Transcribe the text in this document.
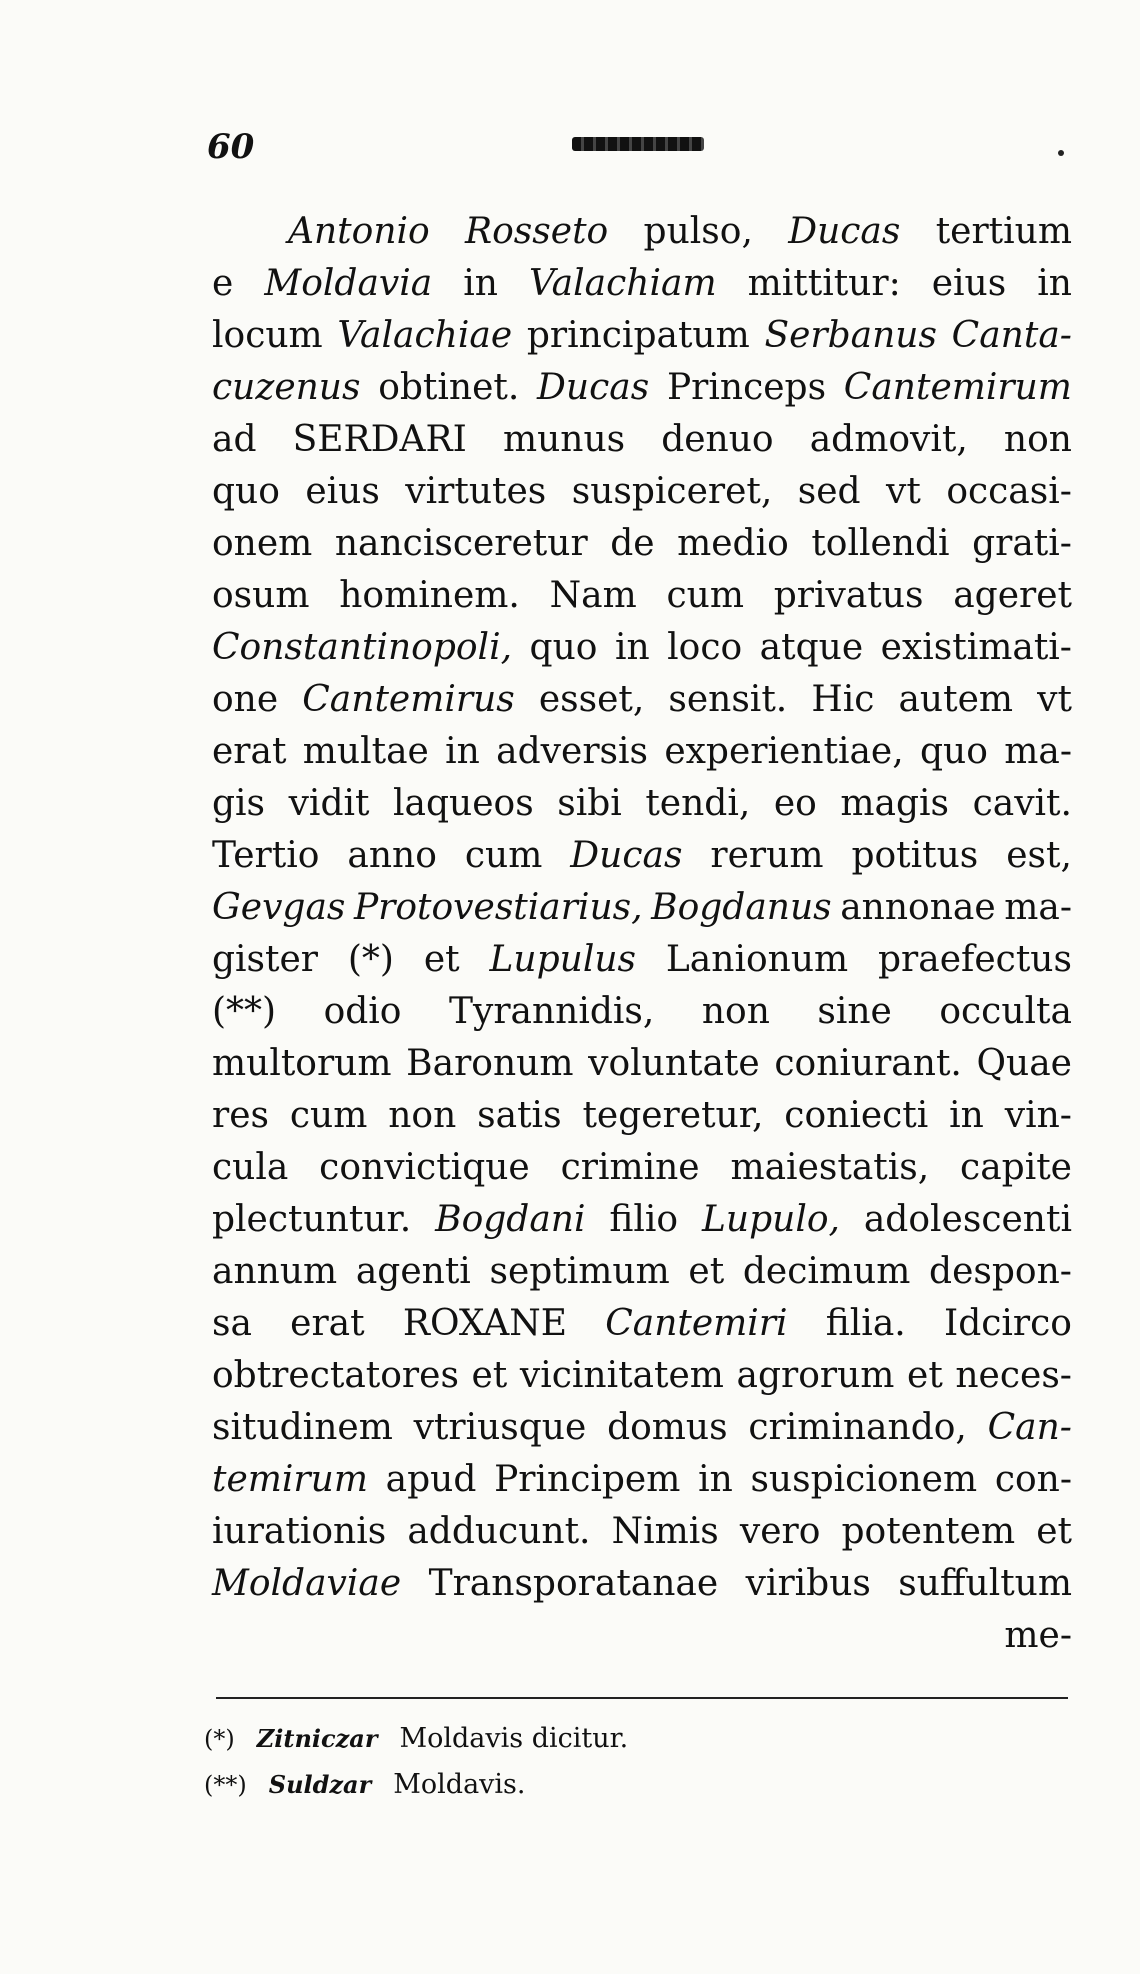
60
Antonio Rosseto pulso, Ducas tertium
e Moldavia in Valachiam mittitur: eius in
locum Valachiae principatum Serbanus Canta-
cuzenus obtinet. Ducas Princeps Cantemirum
ad SERDARI munus denuo admovit, non
quo eius virtutes suspiceret, sed vt occasi-
onem nancisceretur de medio tollendi grati-
osum hominem. Nam cum privatus ageret
Constantinopoli, quo in loco atque existimati-
one Cantemirus esset, sensit. Hic autem vt
erat multae in adversis experientiae, quo ma-
gis vidit laqueos sibi tendi, eo magis cavit.
Tertio anno cum Ducas rerum potitus est,
Gevgas Protovestiarius, Bogdanus annonae ma-
gister (*) et Lupulus Lanionum praefectus
(**) odio Tyrannidis, non sine occulta
multorum Baronum voluntate coniurant. Quae
res cum non satis tegeretur, coniecti in vin-
cula convictique crimine maiestatis, capite
plectuntur. Bogdani filio Lupulo, adolescenti
annum agenti septimum et decimum despon-
sa erat ROXANE Cantemiri filia. Idcirco
obtrectatores et vicinitatem agrorum et neces-
situdinem vtriusque domus criminando, Can-
temirum apud Principem in suspicionem con-
iurationis adducunt. Nimis vero potentem et
Moldaviae Transporatanae viribus suffultum
me-
(*) Zitniczar Moldavis dicitur.
(**) Suldzar Moldavis.
